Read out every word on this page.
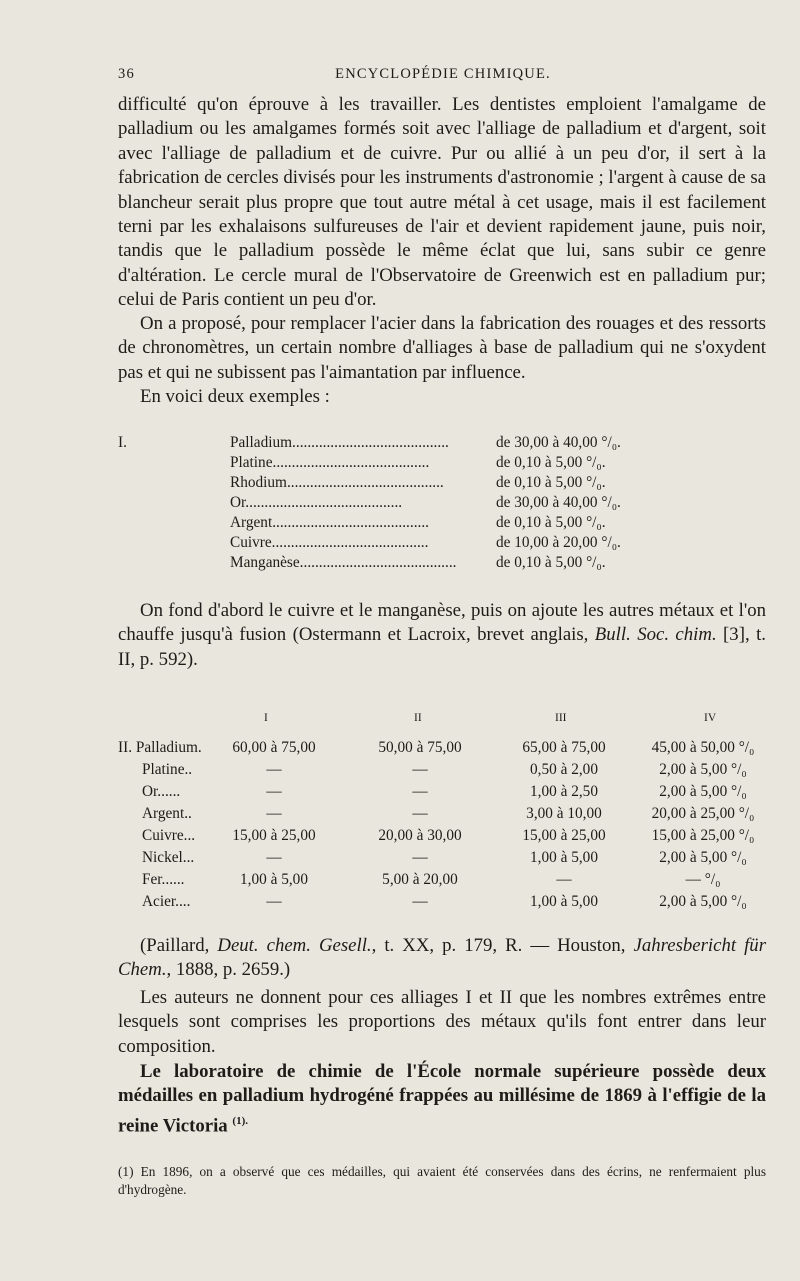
36	ENCYCLOPÉDIE CHIMIQUE.

difficulté qu'on éprouve à les travailler. Les dentistes emploient l'amalgame de palladium ou les amalgames formés soit avec l'alliage de palladium et d'argent, soit avec l'alliage de palladium et de cuivre. Pur ou allié à un peu d'or, il sert à la fabrication de cercles divisés pour les instruments d'astronomie ; l'argent à cause de sa blancheur serait plus propre que tout autre métal à cet usage, mais il est facilement terni par les exhalaisons sulfureuses de l'air et devient rapidement jaune, puis noir, tandis que le palladium possède le même éclat que lui, sans subir ce genre d'altération. Le cercle mural de l'Observatoire de Greenwich est en palladium pur; celui de Paris contient un peu d'or.

On a proposé, pour remplacer l'acier dans la fabrication des rouages et des ressorts de chronomètres, un certain nombre d'alliages à base de palladium qui ne s'oxydent pas et qui ne subissent pas l'aimantation par influence.

En voici deux exemples :

I.	Palladium.........................................	de 30,00 à 40,00 °/₀.
Platine.........................................	de 0,10 à 5,00 °/₀.
Rhodium.........................................	de 0,10 à 5,00 °/₀.
Or.........................................	de 30,00 à 40,00 °/₀.
Argent.........................................	de 0,10 à 5,00 °/₀.
Cuivre.........................................	de 10,00 à 20,00 °/₀.
Manganèse.........................................	de 0,10 à 5,00 °/₀.

On fond d'abord le cuivre et le manganèse, puis on ajoute les autres métaux et l'on chauffe jusqu'à fusion (Ostermann et Lacroix, brevet anglais, Bull. Soc. chim. [3], t. II, p. 592).

I	II	III	IV
II. Palladium.	60,00 à 75,00	50,00 à 75,00	65,00 à 75,00	45,00 à 50,00 °/₀
Platine..	—	—	0,50 à 2,00	2,00 à 5,00 °/₀
Or......	—	—	1,00 à 2,50	2,00 à 5,00 °/₀
Argent..	—	—	3,00 à 10,00	20,00 à 25,00 °/₀
Cuivre...	15,00 à 25,00	20,00 à 30,00	15,00 à 25,00	15,00 à 25,00 °/₀
Nickel...	—	—	1,00 à 5,00	2,00 à 5,00 °/₀
Fer......	1,00 à 5,00	5,00 à 20,00	—	— °/₀
Acier....	—	—	1,00 à 5,00	2,00 à 5,00 °/₀

(Paillard, Deut. chem. Gesell., t. XX, p. 179, R. — Houston, Jahresbericht für Chem., 1888, p. 2659.)

Les auteurs ne donnent pour ces alliages I et II que les nombres extrêmes entre lesquels sont comprises les proportions des métaux qu'ils font entrer dans leur composition.

Le laboratoire de chimie de l'École normale supérieure possède deux médailles en palladium hydrogéné frappées au millésime de 1869 à l'effigie de la reine Victoria $^{(1).}$

(1) En 1896, on a observé que ces médailles, qui avaient été conservées dans des écrins, ne renfermaient plus d'hydrogène.
